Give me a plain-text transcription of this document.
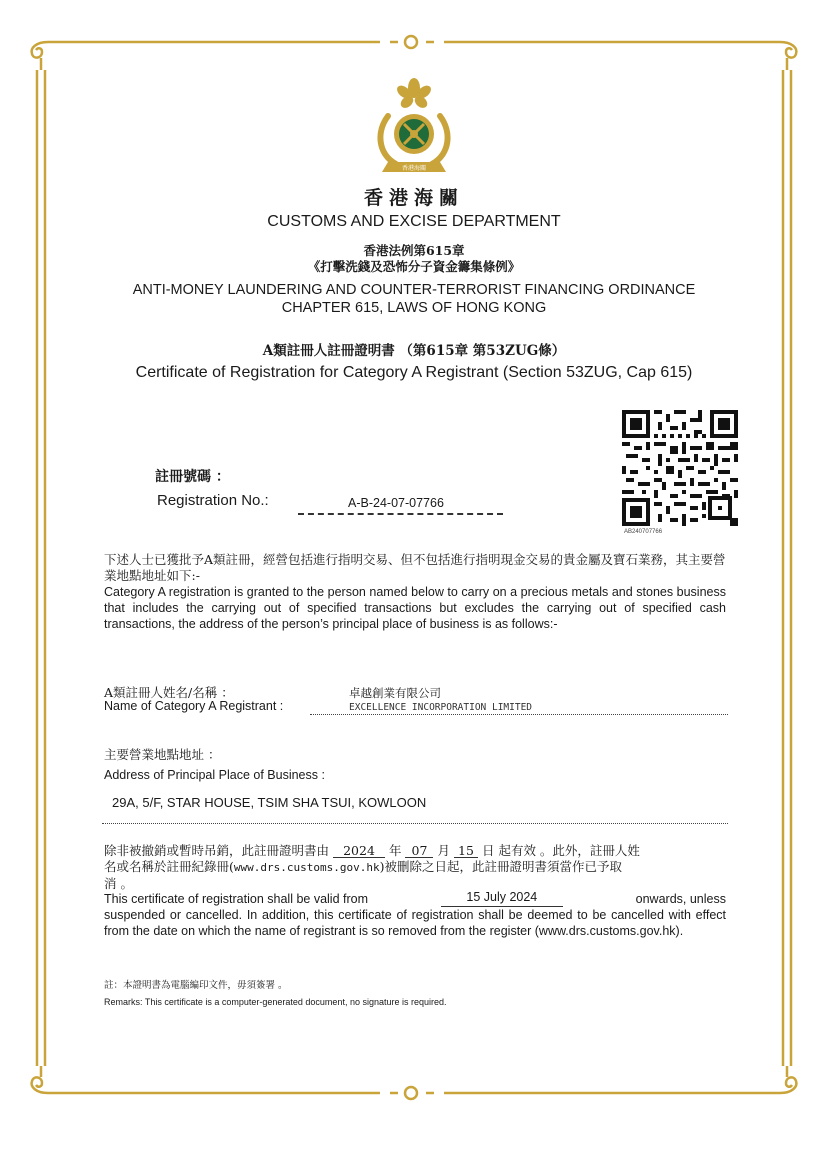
香港海關
香港海關
CUSTOMS AND EXCISE DEPARTMENT
香港法例第615章
《打擊洗錢及恐怖分子資金籌集條例》
ANTI-MONEY LAUNDERING AND COUNTER-TERRORIST FINANCING ORDINANCE
CHAPTER 615, LAWS OF HONG KONG
A類註冊人註冊證明書 （第615章 第53ZUG條）
Certificate of Registration for Category A Registrant (Section 53ZUG, Cap 615)
AB240707766
註冊號碼 ：
Registration No.:	A-B-24-07-07766
下述人士已獲批予A類註冊，經營包括進行指明交易、但不包括進行指明現金交易的貴金屬及寶石業務，其主要營業地點地址如下:-
Category A registration is granted to the person named below to carry on a precious metals and stones business that includes the carrying out of specified transactions but excludes the carrying out of specified cash transactions, the address of the person’s principal place of business is as follows:-
A類註冊人姓名/名稱 ：
Name of Category A Registrant :
卓越創業有限公司
EXCELLENCE INCORPORATION LIMITED
主要營業地點地址 ：
Address of Principal Place of Business :
29A, 5/F, STAR HOUSE, TSIM SHA TSUI, KOWLOON
除非被撤銷或暫時吊銷，此註冊證明書由 2024 年 07 月 15 日 起有效 。此外，註冊人姓
名或名稱於註冊紀錄冊(www.drs.customs.gov.hk)被刪除之日起，此註冊證明書須當作已予取
消 。
This certificate of registration shall be valid from	15 July 2024	onwards, unless
suspended or cancelled. In addition, this certificate of registration shall be deemed to be cancelled with effect from the date on which the name of registrant is so removed from the register (www.drs.customs.gov.hk).
註：本證明書為電腦編印文件，毋須簽署 。
Remarks: This certificate is a computer-generated document, no signature is required.
